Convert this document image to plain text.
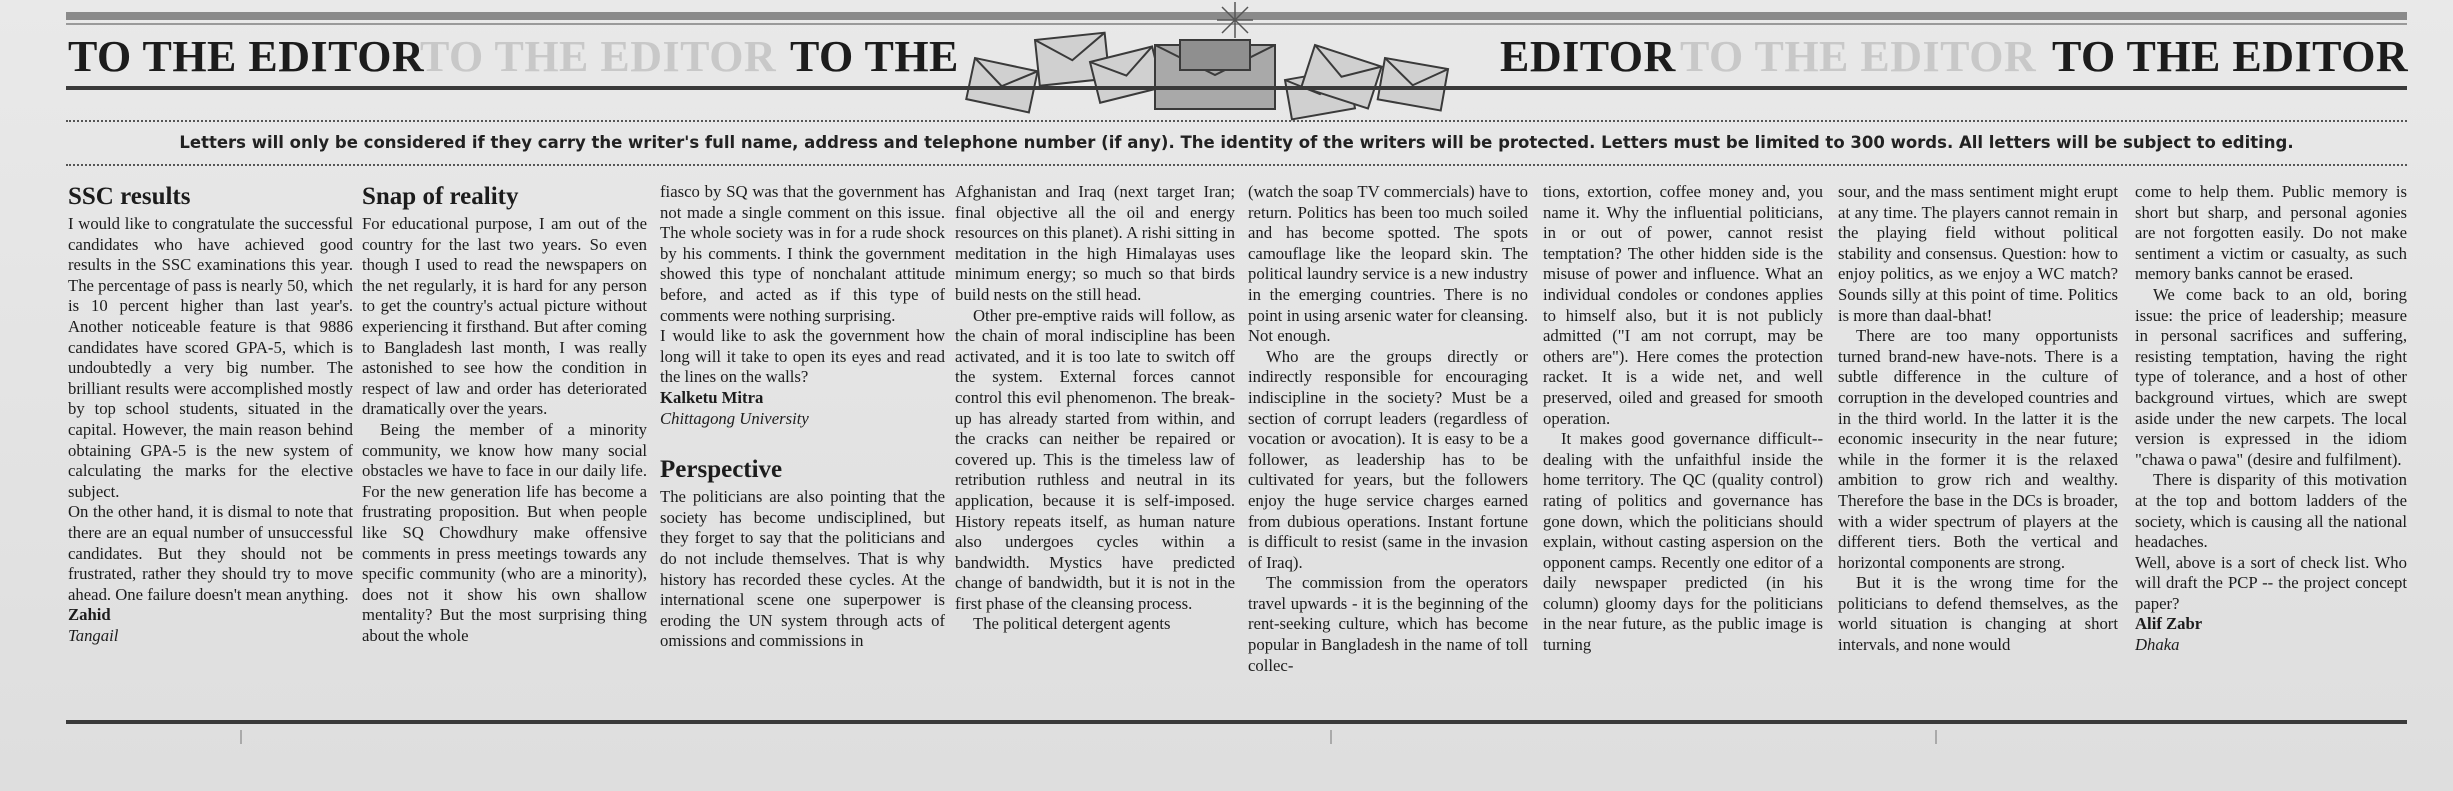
TO THE EDITOR
TO THE EDITOR TO THE	EDITOR TO THE EDITOR TO THE EDITOR
Letters will only be considered if they carry the writer's full name, address and telephone number (if any). The identity of the writers will be protected. Letters must be limited to 300 words. All letters will be subject to editing.
SSC results

I would like to congratulate the successful candidates who have achieved good results in the SSC examinations this year. The percentage of pass is nearly 50, which is 10 percent higher than last year's. Another noticeable feature is that 9886 candidates have scored GPA-5, which is undoubtedly a very big number. The brilliant results were accomplished mostly by top school students, situated in the capital. However, the main reason behind obtaining GPA-5 is the new system of calculating the marks for the elective subject.

On the other hand, it is dismal to note that there are an equal number of unsuccessful candidates. But they should not be frustrated, rather they should try to move ahead. One failure doesn't mean anything.

Zahid

Tangail

Snap of reality

For educational purpose, I am out of the country for the last two years. So even though I used to read the newspapers on the net regularly, it is hard for any person to get the country's actual picture without experiencing it firsthand. But after coming to Bangladesh last month, I was really astonished to see how the condition in respect of law and order has deteriorated dramatically over the years.

Being the member of a minority community, we know how many social obstacles we have to face in our daily life. For the new generation life has become a frustrating proposition. But when people like SQ Chowdhury make offensive comments in press meetings towards any specific community (who are a minority), does not it show his own shallow mentality? But the most surprising thing about the whole

fiasco by SQ was that the government has not made a single comment on this issue. The whole society was in for a rude shock by his comments. I think the government showed this type of nonchalant attitude before, and acted as if this type of comments were nothing surprising.

I would like to ask the government how long will it take to open its eyes and read the lines on the walls?

Kalketu Mitra

Chittagong University

Perspective

The politicians are also pointing that the society has become undisciplined, but they forget to say that the politicians and do not include themselves. That is why history has recorded these cycles. At the international scene one superpower is eroding the UN system through acts of omissions and commissions in

Afghanistan and Iraq (next target Iran; final objective all the oil and energy resources on this planet). A rishi sitting in meditation in the high Himalayas uses minimum energy; so much so that birds build nests on the still head.

Other pre-emptive raids will follow, as the chain of moral indiscipline has been activated, and it is too late to switch off the system. External forces cannot control this evil phenomenon. The break-up has already started from within, and the cracks can neither be repaired or covered up. This is the timeless law of retribution ruthless and neutral in its application, because it is self-imposed. History repeats itself, as human nature also undergoes cycles within a bandwidth. Mystics have predicted change of bandwidth, but it is not in the first phase of the cleansing process.

The political detergent agents

(watch the soap TV commercials) have to return. Politics has been too much soiled and has become spotted. The spots camouflage like the leopard skin. The political laundry service is a new industry in the emerging countries. There is no point in using arsenic water for cleansing. Not enough.

Who are the groups directly or indirectly responsible for encouraging indiscipline in the society? Must be a section of corrupt leaders (regardless of vocation or avocation). It is easy to be a follower, as leadership has to be cultivated for years, but the followers enjoy the huge service charges earned from dubious operations. Instant fortune is difficult to resist (same in the invasion of Iraq).

The commission from the operators travel upwards - it is the beginning of the rent-seeking culture, which has become popular in Bangladesh in the name of toll collec-

tions, extortion, coffee money and, you name it. Why the influential politicians, in or out of power, cannot resist temptation? The other hidden side is the misuse of power and influence. What an individual condoles or condones applies to himself also, but it is not publicly admitted ("I am not corrupt, may be others are"). Here comes the protection racket. It is a wide net, and well preserved, oiled and greased for smooth operation.

It makes good governance difficult--dealing with the unfaithful inside the home territory. The QC (quality control) rating of politics and governance has gone down, which the politicians should explain, without casting aspersion on the opponent camps. Recently one editor of a daily newspaper predicted (in his column) gloomy days for the politicians in the near future, as the public image is turning

sour, and the mass sentiment might erupt at any time. The players cannot remain in the playing field without political stability and consensus. Question: how to enjoy politics, as we enjoy a WC match? Sounds silly at this point of time. Politics is more than daal-bhat!

There are too many opportunists turned brand-new have-nots. There is a subtle difference in the culture of corruption in the developed countries and in the third world. In the latter it is the economic insecurity in the near future; while in the former it is the relaxed ambition to grow rich and wealthy. Therefore the base in the DCs is broader, with a wider spectrum of players at the different tiers. Both the vertical and horizontal components are strong.

But it is the wrong time for the politicians to defend themselves, as the world situation is changing at short intervals, and none would

come to help them. Public memory is short but sharp, and personal agonies are not forgotten easily. Do not make sentiment a victim or casualty, as such memory banks cannot be erased.

We come back to an old, boring issue: the price of leadership; measure in personal sacrifices and suffering, resisting temptation, having the right type of tolerance, and a host of other background virtues, which are swept aside under the new carpets. The local version is expressed in the idiom "chawa o pawa" (desire and fulfilment).

There is disparity of this motivation at the top and bottom ladders of the society, which is causing all the national headaches.

Well, above is a sort of check list. Who will draft the PCP -- the project concept paper?

Alif Zabr

Dhaka
